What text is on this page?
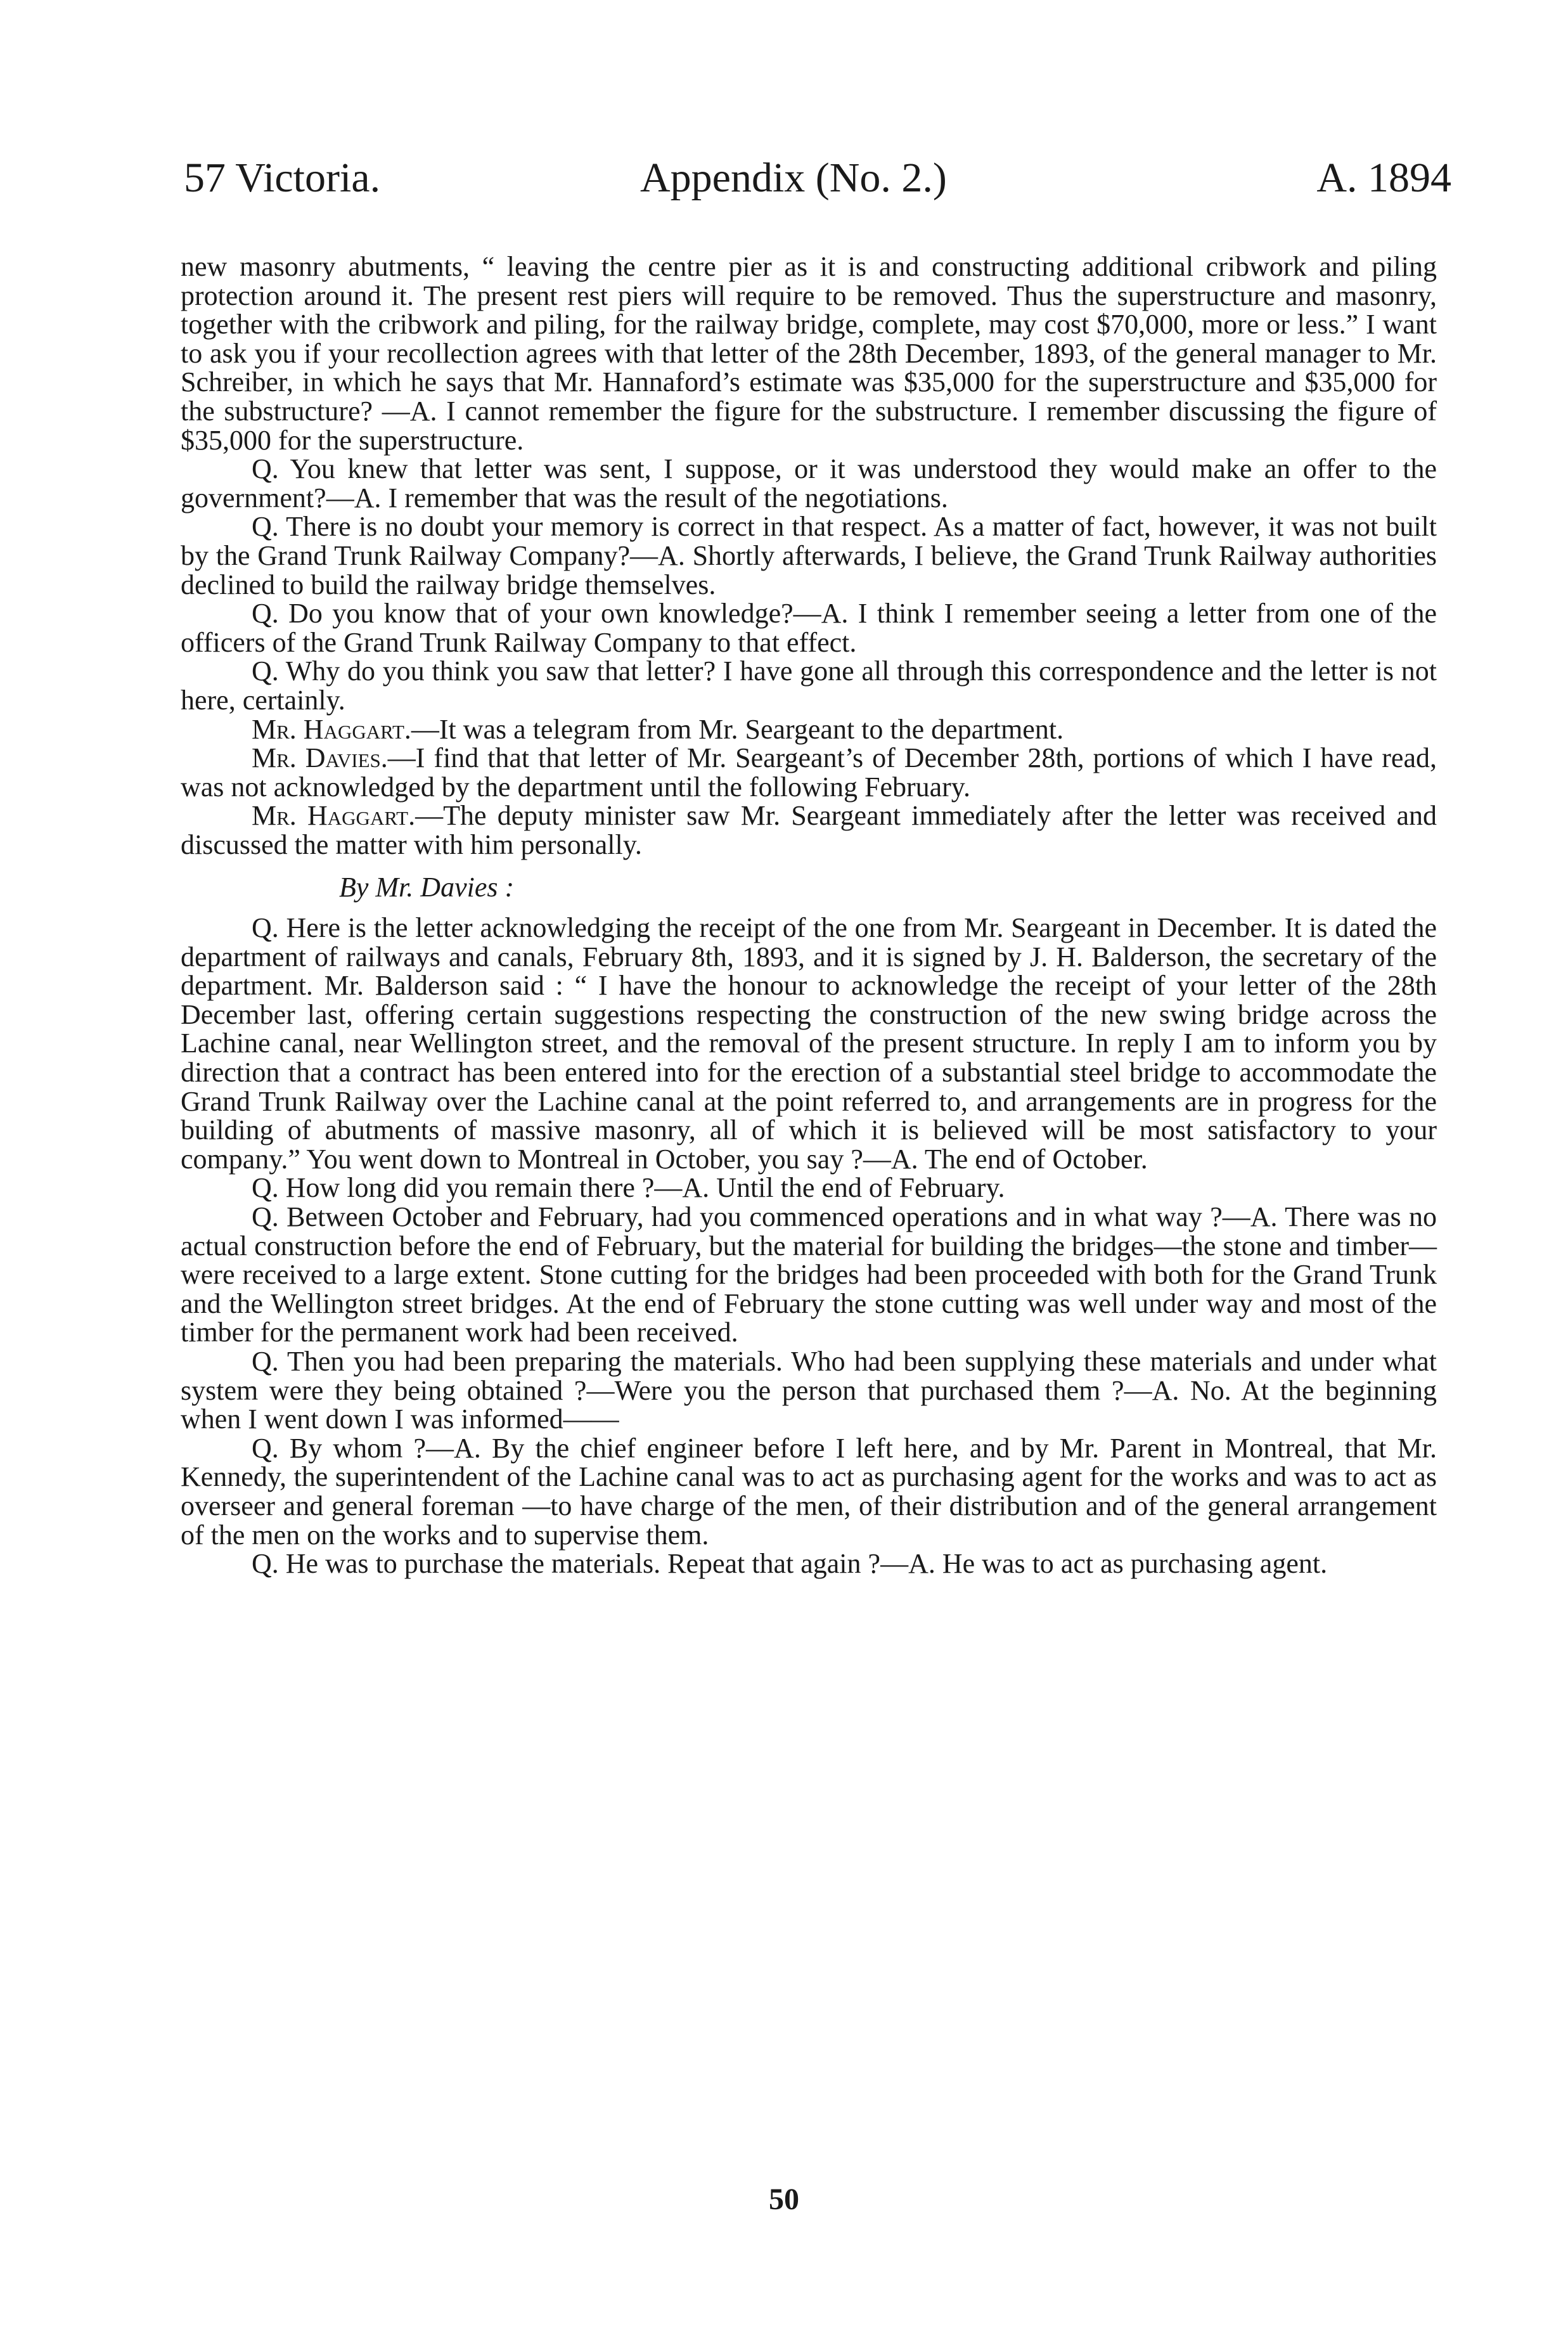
57 Victoria.	Appendix (No. 2.)	A. 1894

new masonry abutments, “ leaving the centre pier as it is and constructing additional cribwork and piling protection around it. The present rest piers will require to be removed. Thus the superstructure and masonry, together with the cribwork and piling, for the railway bridge, complete, may cost $70,000, more or less.” I want to ask you if your recollection agrees with that letter of the 28th December, 1893, of the general manager to Mr. Schreiber, in which he says that Mr. Hannaford’s estimate was $35,000 for the superstructure and $35,000 for the substructure? —A. I cannot remember the figure for the substructure. I remember discussing the figure of $35,000 for the superstructure.

Q. You knew that letter was sent, I suppose, or it was understood they would make an offer to the government?—A. I remember that was the result of the negotiations.

Q. There is no doubt your memory is correct in that respect. As a matter of fact, however, it was not built by the Grand Trunk Railway Company?—A. Shortly afterwards, I believe, the Grand Trunk Railway authorities declined to build the railway bridge themselves.

Q. Do you know that of your own knowledge?—A. I think I remember seeing a letter from one of the officers of the Grand Trunk Railway Company to that effect.

Q. Why do you think you saw that letter? I have gone all through this correspondence and the letter is not here, certainly.

Mr. Haggart.—It was a telegram from Mr. Seargeant to the department.

Mr. Davies.—I find that that letter of Mr. Seargeant’s of December 28th, portions of which I have read, was not acknowledged by the department until the following February.

Mr. Haggart.—The deputy minister saw Mr. Seargeant immediately after the letter was received and discussed the matter with him personally.

By Mr. Davies :

Q. Here is the letter acknowledging the receipt of the one from Mr. Seargeant in December. It is dated the department of railways and canals, February 8th, 1893, and it is signed by J. H. Balderson, the secretary of the department. Mr. Balderson said : “ I have the honour to acknowledge the receipt of your letter of the 28th December last, offering certain suggestions respecting the construction of the new swing bridge across the Lachine canal, near Wellington street, and the removal of the present structure. In reply I am to inform you by direction that a contract has been entered into for the erection of a substantial steel bridge to accommodate the Grand Trunk Railway over the Lachine canal at the point referred to, and arrangements are in progress for the building of abutments of massive masonry, all of which it is believed will be most satisfactory to your company.” You went down to Montreal in October, you say ?—A. The end of October.

Q. How long did you remain there ?—A. Until the end of February.

Q. Between October and February, had you commenced operations and in what way ?—A. There was no actual construction before the end of February, but the material for building the bridges—the stone and timber—were received to a large extent. Stone cutting for the bridges had been proceeded with both for the Grand Trunk and the Wellington street bridges. At the end of February the stone cutting was well under way and most of the timber for the permanent work had been received.

Q. Then you had been preparing the materials. Who had been supplying these materials and under what system were they being obtained ?—Were you the person that purchased them ?—A. No. At the beginning when I went down I was informed——

Q. By whom ?—A. By the chief engineer before I left here, and by Mr. Parent in Montreal, that Mr. Kennedy, the superintendent of the Lachine canal was to act as purchasing agent for the works and was to act as overseer and general foreman —to have charge of the men, of their distribution and of the general arrangement of the men on the works and to supervise them.

Q. He was to purchase the materials. Repeat that again ?—A. He was to act as purchasing agent.

50
